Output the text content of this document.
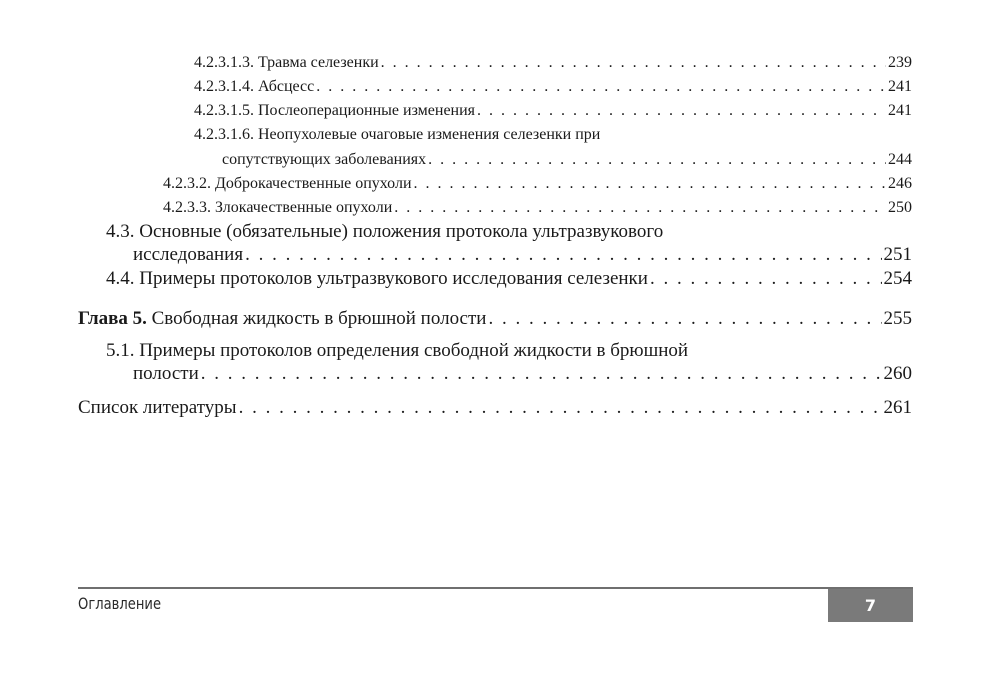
4.2.3.1.3. Травма селезенки . . .	239
4.2.3.1.4. Абсцесс . . .	241
4.2.3.1.5. Послеоперационные изменения . . .	241
4.2.3.1.6. Неопухолевые очаговые изменения селезенки при
сопутствующих заболеваниях . . .	244
4.2.3.2. Доброкачественные опухоли . . .	246
4.2.3.3. Злокачественные опухоли . . .	250
4.3. Основные (обязательные) положения протокола ультразвукового
исследования . . .	251
4.4. Примеры протоколов ультразвукового исследования селезенки . . .	254
Глава 5. Свободная жидкость в брюшной полости . . .	255
5.1. Примеры протоколов определения свободной жидкости в брюшной
полости . . .	260
Список литературы . . .	261
Оглавление	7
